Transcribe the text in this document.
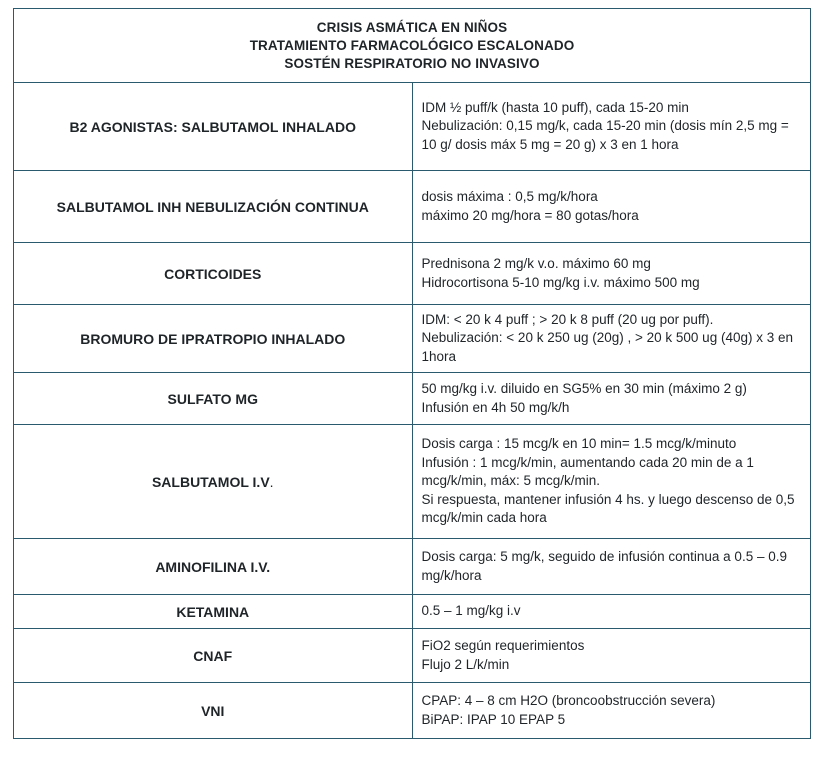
CRISIS ASMÁTICA EN NIÑOS
TRATAMIENTO FARMACOLÓGICO ESCALONADO
SOSTÉN RESPIRATORIO NO INVASIVO	

B2 AGONISTAS: SALBUTAMOL INHALADO	IDM ½ puff/k (hasta 10 puff), cada 15-20 min
Nebulización: 0,15 mg/k, cada 15-20 min (dosis mín 2,5 mg = 10 g/ dosis máx 5 mg = 20 g) x 3 en 1 hora

SALBUTAMOL INH NEBULIZACIÓN CONTINUA	dosis máxima : 0,5 mg/k/hora
máximo 20 mg/hora = 80 gotas/hora

CORTICOIDES	Prednisona 2 mg/k v.o. máximo 60 mg
Hidrocortisona 5-10 mg/kg i.v. máximo 500 mg

BROMURO DE IPRATROPIO INHALADO	IDM: < 20 k 4 puff ; > 20 k 8 puff (20 ug por puff).
Nebulización: < 20 k 250 ug (20g) , > 20 k 500 ug (40g) x 3 en 1hora

SULFATO MG	50 mg/kg i.v. diluido en SG5% en 30 min (máximo 2 g)
Infusión en 4h 50 mg/k/h

SALBUTAMOL I.V.	Dosis carga : 15 mcg/k en 10 min= 1.5 mcg/k/minuto
Infusión : 1 mcg/k/min, aumentando cada 20 min de a 1 mcg/k/min, máx: 5 mcg/k/min.
Si respuesta, mantener infusión 4 hs. y luego descenso de 0,5 mcg/k/min cada hora

AMINOFILINA I.V.	Dosis carga: 5 mg/k, seguido de infusión continua a 0.5 – 0.9 mg/k/hora

KETAMINA	0.5 – 1 mg/kg i.v

CNAF	FiO2 según requerimientos
Flujo 2 L/k/min

VNI	CPAP: 4 – 8 cm H2O (broncoobstrucción severa)
BiPAP: IPAP 10 EPAP 5
